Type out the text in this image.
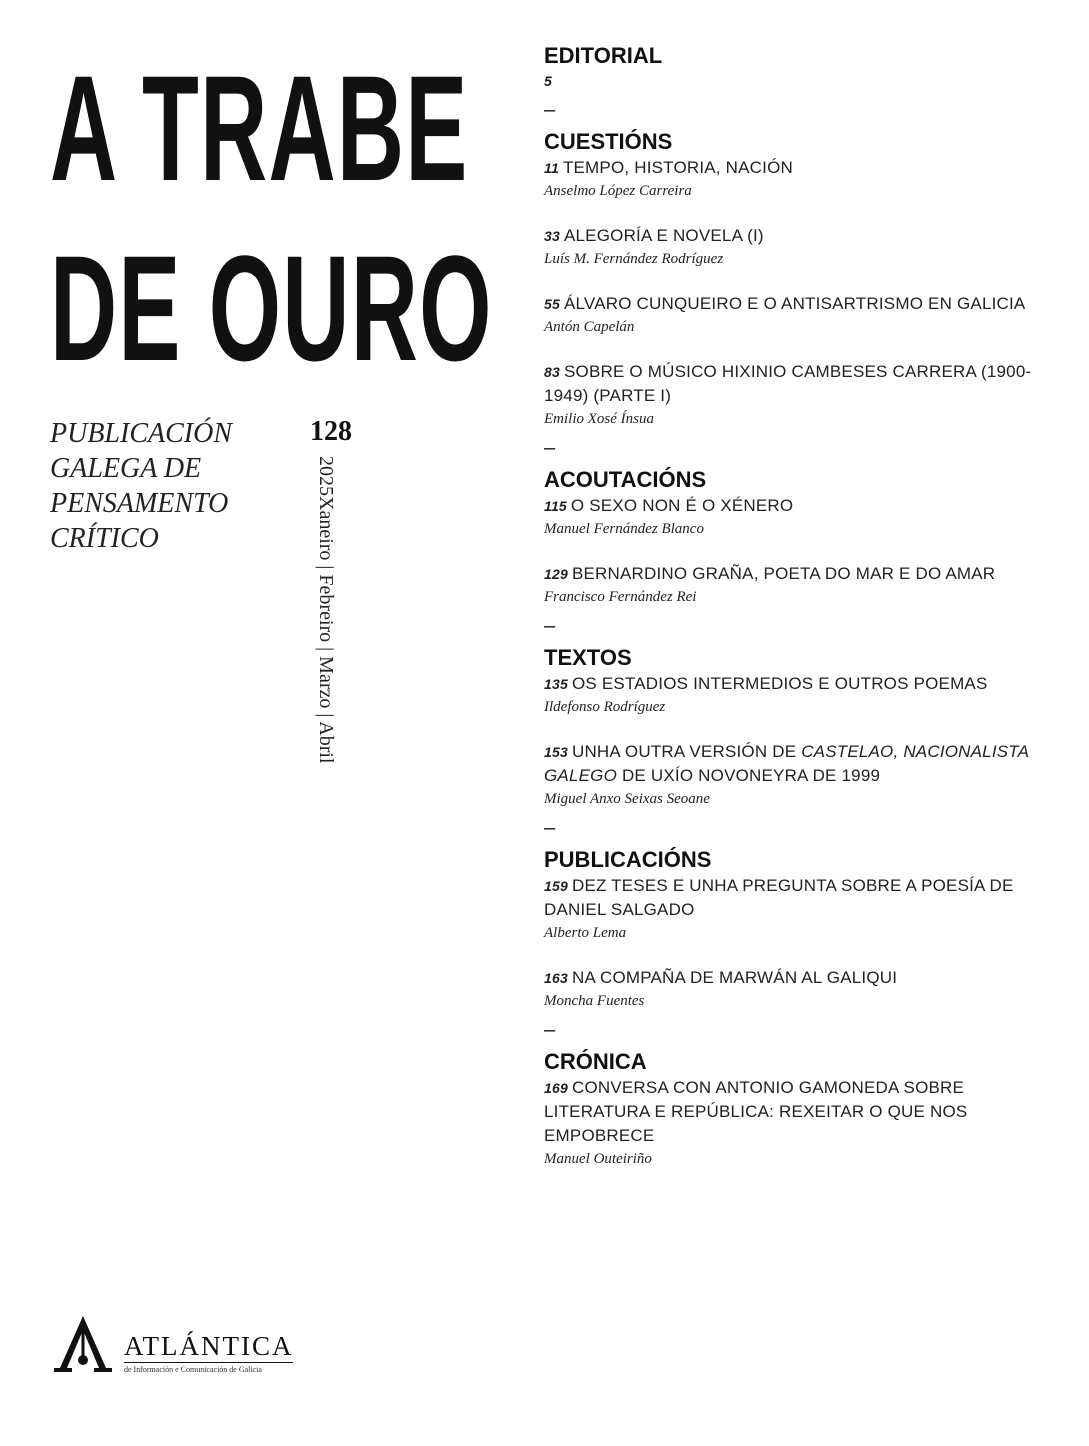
A TRABE
DE OURO
PUBLICACIÓN
GALEGA DE
PENSAMENTO
CRÍTICO
128
2025
Xaneiro | Febreiro | Marzo | Abril
ATLÁNTICA
de Información e Comunicación de Galicia
EDITORIAL
5
–
CUESTIÓNS
11 TEMPO, HISTORIA, NACIÓN
Anselmo López Carreira
33 ALEGORÍA E NOVELA (I)
Luís M. Fernández Rodríguez
55 ÁLVARO CUNQUEIRO E O ANTISARTRISMO EN GALICIA
Antón Capelán
83 SOBRE O MÚSICO HIXINIO CAMBESES CARRERA (1900-1949) (PARTE I)
Emilio Xosé Ínsua
–
ACOUTACIÓNS
115 O SEXO NON É O XÉNERO
Manuel Fernández Blanco
129 BERNARDINO GRAÑA, POETA DO MAR E DO AMAR
Francisco Fernández Rei
–
TEXTOS
135 OS ESTADIOS INTERMEDIOS E OUTROS POEMAS
Ildefonso Rodríguez
153 UNHA OUTRA VERSIÓN DE CASTELAO, NACIONALISTA GALEGO DE UXÍO NOVONEYRA DE 1999
Miguel Anxo Seixas Seoane
–
PUBLICACIÓNS
159 DEZ TESES E UNHA PREGUNTA SOBRE A POESÍA DE DANIEL SALGADO
Alberto Lema
163 NA COMPAÑA DE MARWÁN AL GALIQUI
Moncha Fuentes
–
CRÓNICA
169 CONVERSA CON ANTONIO GAMONEDA SOBRE LITERATURA E REPÚBLICA: REXEITAR O QUE NOS EMPOBRECE
Manuel Outeiriño
